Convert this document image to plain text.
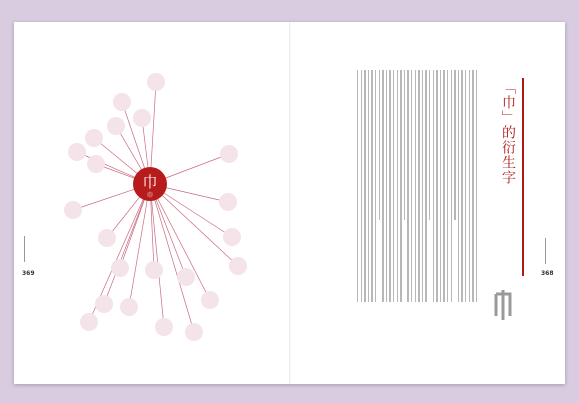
巾
巾
369	368
「巾」的衍生字
